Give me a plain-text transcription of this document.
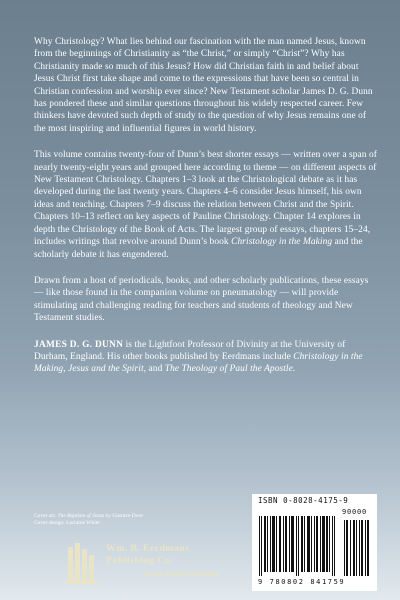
Why Christology? What lies behind our fascination with the man named Jesus, known from the beginnings of Christianity as “the Christ,” or simply “Christ”? Why has Christianity made so much of this Jesus? How did Christian faith in and belief about Jesus Christ first take shape and come to the expressions that have been so central in Christian confession and worship ever since? New Testament scholar James D. G. Dunn has pondered these and similar questions throughout his widely respected career. Few thinkers have devoted such depth of study to the question of why Jesus remains one of the most inspiring and influential figures in world history.

This volume contains twenty-four of Dunn’s best shorter essays — written over a span of nearly twenty-eight years and grouped here according to theme — on different aspects of New Testament Christology. Chapters 1–3 look at the Christological debate as it has developed during the last twenty years. Chapters 4–6 consider Jesus himself, his own ideas and teaching. Chapters 7–9 discuss the relation between Christ and the Spirit. Chapters 10–13 reflect on key aspects of Pauline Christology. Chapter 14 explores in depth the Christology of the Book of Acts. The largest group of essays, chapters 15–24, includes writings that revolve around Dunn’s book Christology in the Making and the scholarly debate it has engendered.

Drawn from a host of periodicals, books, and other scholarly publications, these essays — like those found in the companion volume on pneumatology — will provide stimulating and challenging reading for teachers and students of theology and New Testament studies.

JAMES D. G. DUNN is the Lightfoot Professor of Divinity at the University of Durham, England. His other books published by Eerdmans include Christology in the Making, Jesus and the Spirit, and The Theology of Paul the Apostle.

Cover art: The Baptism of Jesus by Gustave Dore
Cover design: Lorraine White
Wm. B. Eerdmans
Publishing Co.
Grand Rapids/Cambridge
ISBN 0-8028-4175-9
90000
9 780802 841759
